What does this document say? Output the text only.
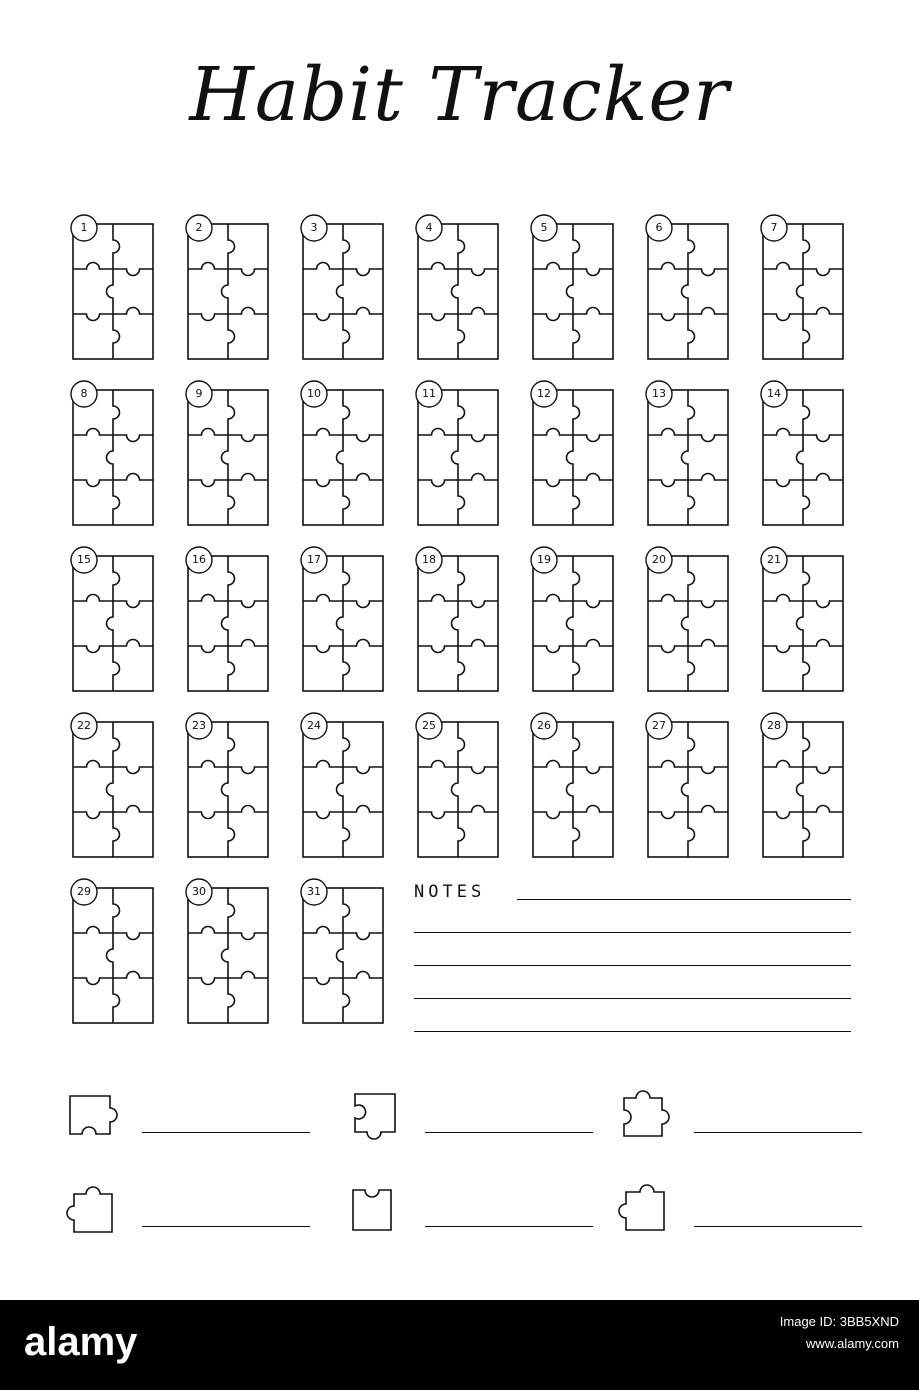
Habit Tracker
1	2	3	4	5	6	7
8	9	10	11	12	13	14
15	16	17	18	19	20	21
22	23	24	25	26	27	28
29	30	31	NOTES
alamy	Image ID: 3BB5XND
www.alamy.com
